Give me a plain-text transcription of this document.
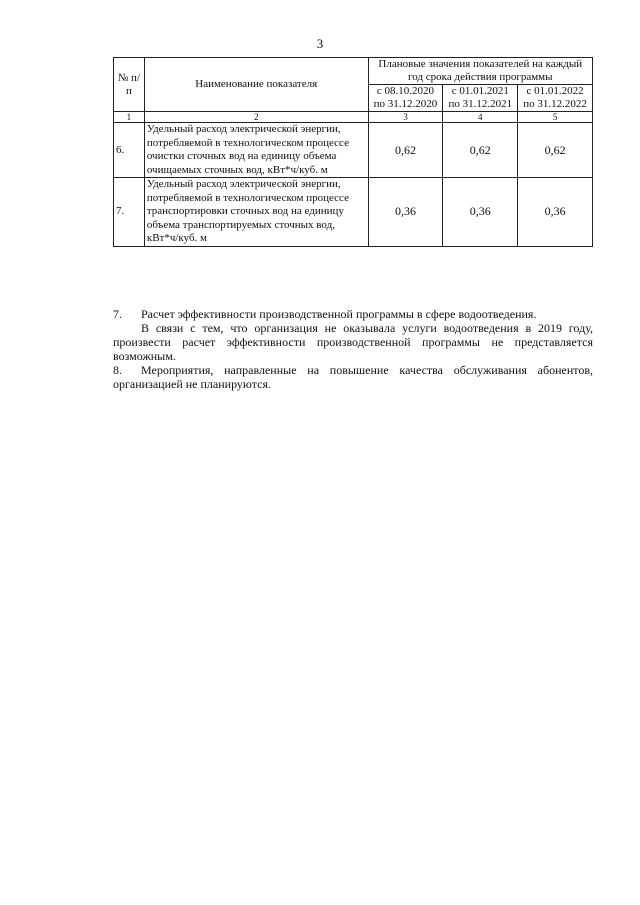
3
№ п/п	Наименование показателя	Плановые значения показателей на каждый год срока действия программы		
		с 08.10.2020 по 31.12.2020	с 01.01.2021 по 31.12.2021	с 01.01.2022 по 31.12.2022
1	2	3	4	5
6.	Удельный расход электрической энергии, потребляемой в технологическом процессе очистки сточных вод на единицу объема очищаемых сточных вод, кВт*ч/куб. м	0,62	0,62	0,62
7.	Удельный расход электрической энергии, потребляемой в технологическом процессе транспортировки сточных вод на единицу объема транспортируемых сточных вод, кВт*ч/куб. м	0,36	0,36	0,36
7. Расчет эффективности производственной программы в сфере водоотведения.
В связи с тем, что организация не оказывала услуги водоотведения в 2019 году, произвести расчет эффективности производственной программы не представляется возможным.
8. Мероприятия, направленные на повышение качества обслуживания абонентов, организацией не планируются.
